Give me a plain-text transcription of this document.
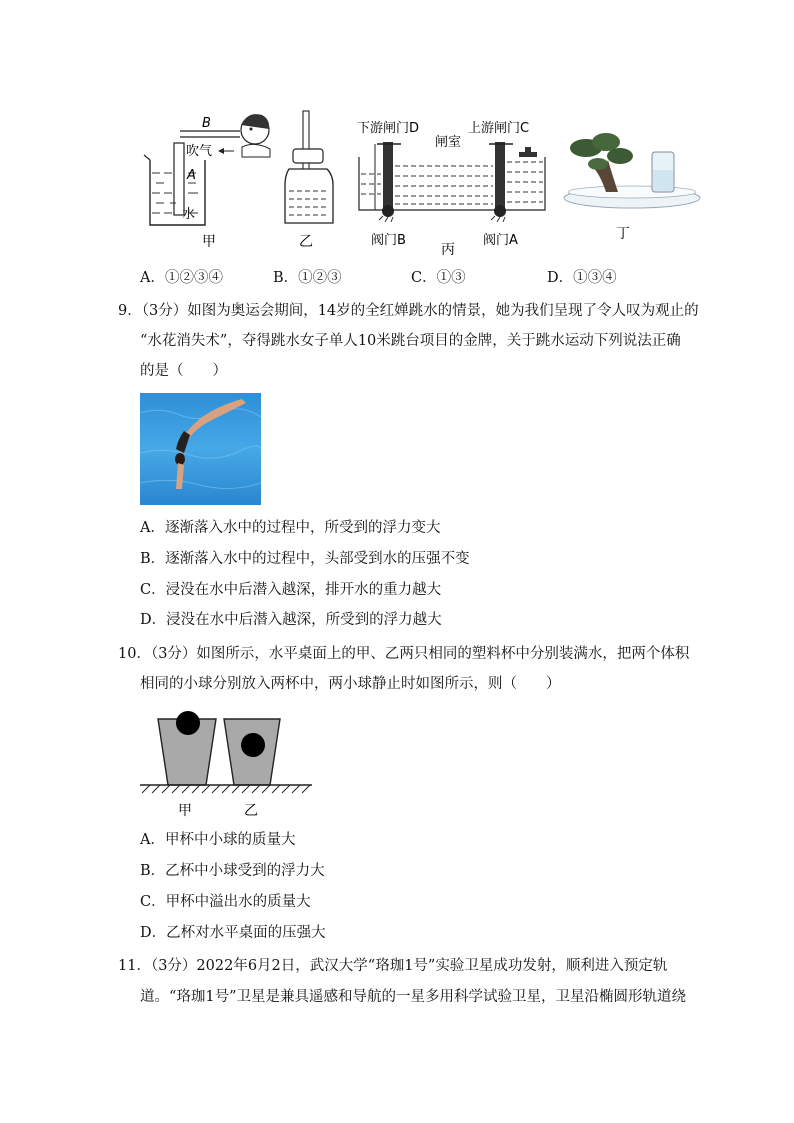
B
吹气
A
水
甲	乙
下游闸门D
闸室
上游闸门C
阀门B
丙
阀门A	丁
A．①②③④	B．①②③	C．①③	D．①③④
9．（3分）如图为奥运会期间，14岁的全红婵跳水的情景，她为我们呈现了令人叹为观止的
“水花消失术”，夺得跳水女子单人10米跳台项目的金牌，关于跳水运动下列说法正确
的是（　　）
A．逐渐落入水中的过程中，所受到的浮力变大
B．逐渐落入水中的过程中，头部受到水的压强不变
C．浸没在水中后潜入越深，排开水的重力越大
D．浸没在水中后潜入越深，所受到的浮力越大
10．（3分）如图所示，水平桌面上的甲、乙两只相同的塑料杯中分别装满水，把两个体积
相同的小球分别放入两杯中，两小球静止时如图所示，则（　　）
甲	乙
A．甲杯中小球的质量大
B．乙杯中小球受到的浮力大
C．甲杯中溢出水的质量大
D．乙杯对水平桌面的压强大
11．（3分）2022年6月2日，武汉大学“珞珈1号”实验卫星成功发射，顺利进入预定轨
道。“珞珈1号”卫星是兼具遥感和导航的一星多用科学试验卫星，卫星沿椭圆形轨道绕
